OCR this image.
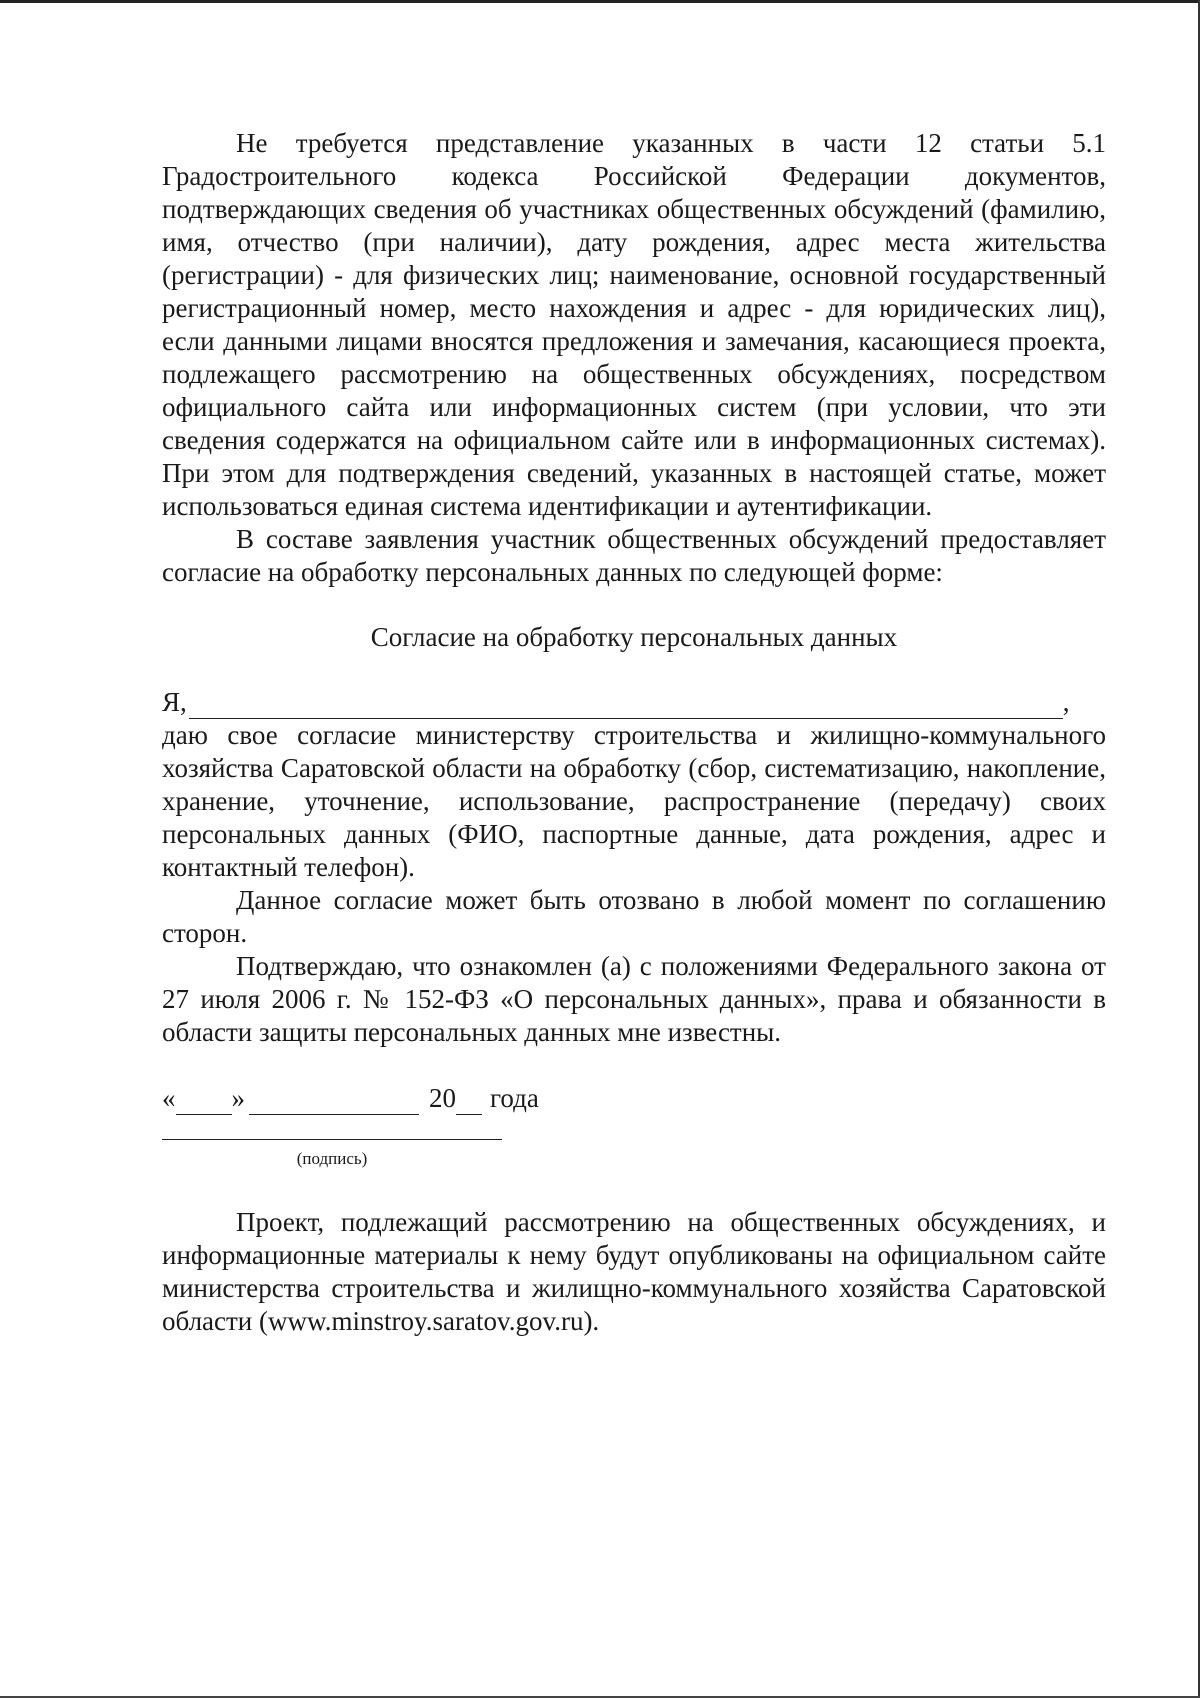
Не требуется представление указанных в части 12 статьи 5.1 Градостроительного кодекса Российской Федерации документов, подтверждающих сведения об участниках общественных обсуждений (фамилию, имя, отчество (при наличии), дату рождения, адрес места жительства (регистрации) - для физических лиц; наименование, основной государственный регистрационный номер, место нахождения и адрес - для юридических лиц), если данными лицами вносятся предложения и замечания, касающиеся проекта, подлежащего рассмотрению на общественных обсуждениях, посредством официального сайта или информационных систем (при условии, что эти сведения содержатся на официальном сайте или в информационных системах). При этом для подтверждения сведений, указанных в настоящей статье, может использоваться единая система идентификации и аутентификации.

В составе заявления участник общественных обсуждений предоставляет согласие на обработку персональных данных по следующей форме:

Согласие на обработку персональных данных
Я,	,

даю свое согласие министерству строительства и жилищно-коммунального хозяйства Саратовской области на обработку (сбор, систематизацию, накопление, хранение, уточнение, использование, распространение (передачу) своих персональных данных (ФИО, паспортные данные, дата рождения, адрес и контактный телефон).

Данное согласие может быть отозвано в любой момент по соглашению сторон.

Подтверждаю, что ознакомлен (а) с положениями Федерального закона от 27 июля 2006 г. № 152-ФЗ «О персональных данных», права и обязанности в области защиты персональных данных мне известны.

« »	20 года
(подпись)

Проект, подлежащий рассмотрению на общественных обсуждениях, и информационные материалы к нему будут опубликованы на официальном сайте министерства строительства и жилищно-коммунального хозяйства Саратовской области (www.minstroy.saratov.gov.ru).
